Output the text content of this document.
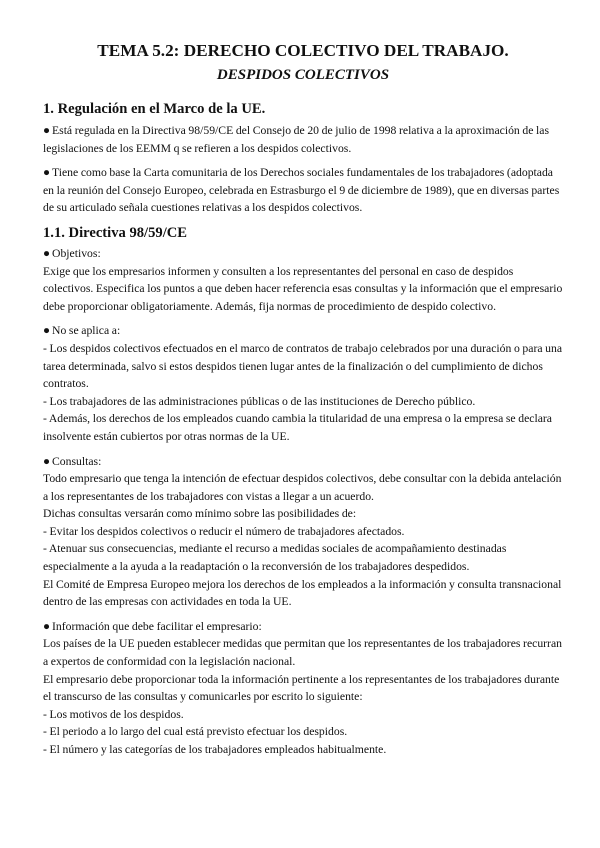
TEMA 5.2: DERECHO COLECTIVO DEL TRABAJO.
DESPIDOS COLECTIVOS
1. Regulación en el Marco de la UE.

● Está regulada en la Directiva 98/59/CE del Consejo de 20 de julio de 1998 relativa a la aproximación de las legislaciones de los EEMM q se refieren a los despidos colectivos.

● Tiene como base la Carta comunitaria de los Derechos sociales fundamentales de los trabajadores (adoptada en la reunión del Consejo Europeo, celebrada en Estrasburgo el 9 de diciembre de 1989), que en diversas partes de su articulado señala cuestiones relativas a los despidos colectivos.

1.1. Directiva 98/59/CE

● Objetivos:

Exige que los empresarios informen y consulten a los representantes del personal en caso de despidos colectivos. Especifica los puntos a que deben hacer referencia esas consultas y la información que el empresario debe proporcionar obligatoriamente. Además, fija normas de procedimiento de despido colectivo.

● No se aplica a:

- Los despidos colectivos efectuados en el marco de contratos de trabajo celebrados por una duración o para una tarea determinada, salvo si estos despidos tienen lugar antes de la finalización o del cumplimiento de dichos contratos.

- Los trabajadores de las administraciones públicas o de las instituciones de Derecho público.

- Además, los derechos de los empleados cuando cambia la titularidad de una empresa o la empresa se declara insolvente están cubiertos por otras normas de la UE.

● Consultas:

Todo empresario que tenga la intención de efectuar despidos colectivos, debe consultar con la debida antelación a los representantes de los trabajadores con vistas a llegar a un acuerdo.

Dichas consultas versarán como mínimo sobre las posibilidades de:

- Evitar los despidos colectivos o reducir el número de trabajadores afectados.

- Atenuar sus consecuencias, mediante el recurso a medidas sociales de acompañamiento destinadas especialmente a la ayuda a la readaptación o la reconversión de los trabajadores despedidos.

El Comité de Empresa Europeo mejora los derechos de los empleados a la información y consulta transnacional dentro de las empresas con actividades en toda la UE.

● Información que debe facilitar el empresario:

Los países de la UE pueden establecer medidas que permitan que los representantes de los trabajadores recurran a expertos de conformidad con la legislación nacional.

El empresario debe proporcionar toda la información pertinente a los representantes de los trabajadores durante el transcurso de las consultas y comunicarles por escrito lo siguiente:

- Los motivos de los despidos.

- El periodo a lo largo del cual está previsto efectuar los despidos.

- El número y las categorías de los trabajadores empleados habitualmente.
